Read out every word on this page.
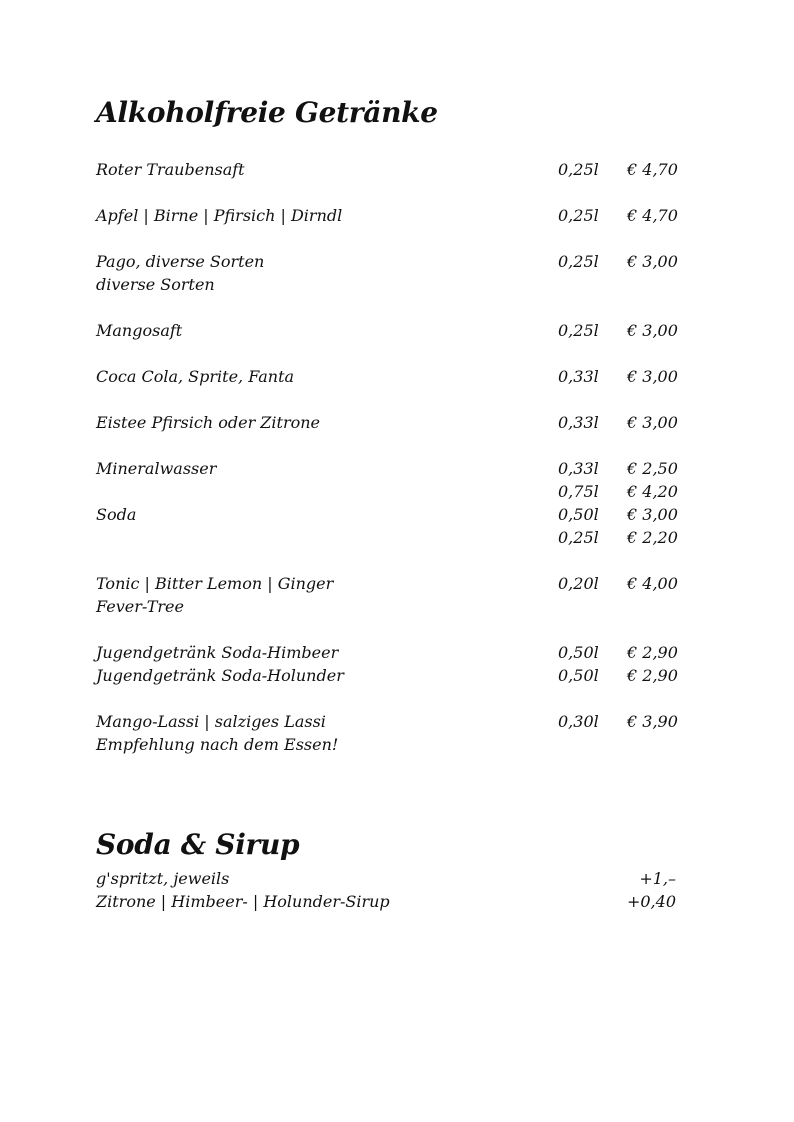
Alkoholfreie Getränke
Roter Traubensaft	0,25l € 4,70
Apfel | Birne | Pfirsich | Dirndl	0,25l € 4,70
Pago, diverse Sorten	0,25l € 3,00
diverse Sorten
Mangosaft	0,25l € 3,00
Coca Cola, Sprite, Fanta	0,33l € 3,00
Eistee Pfirsich oder Zitrone	0,33l € 3,00
Mineralwasser	0,33l € 2,50
0,75l € 4,20
Soda	0,50l € 3,00
0,25l € 2,20
Tonic | Bitter Lemon | Ginger	0,20l € 4,00
Fever-Tree
Jugendgetränk Soda-Himbeer	0,50l € 2,90
Jugendgetränk Soda-Holunder	0,50l € 2,90
Mango-Lassi | salziges Lassi	0,30l € 3,90
Empfehlung nach dem Essen!
Soda & Sirup
g'spritzt, jeweils	+1,–
Zitrone | Himbeer- | Holunder-Sirup	+0,40
